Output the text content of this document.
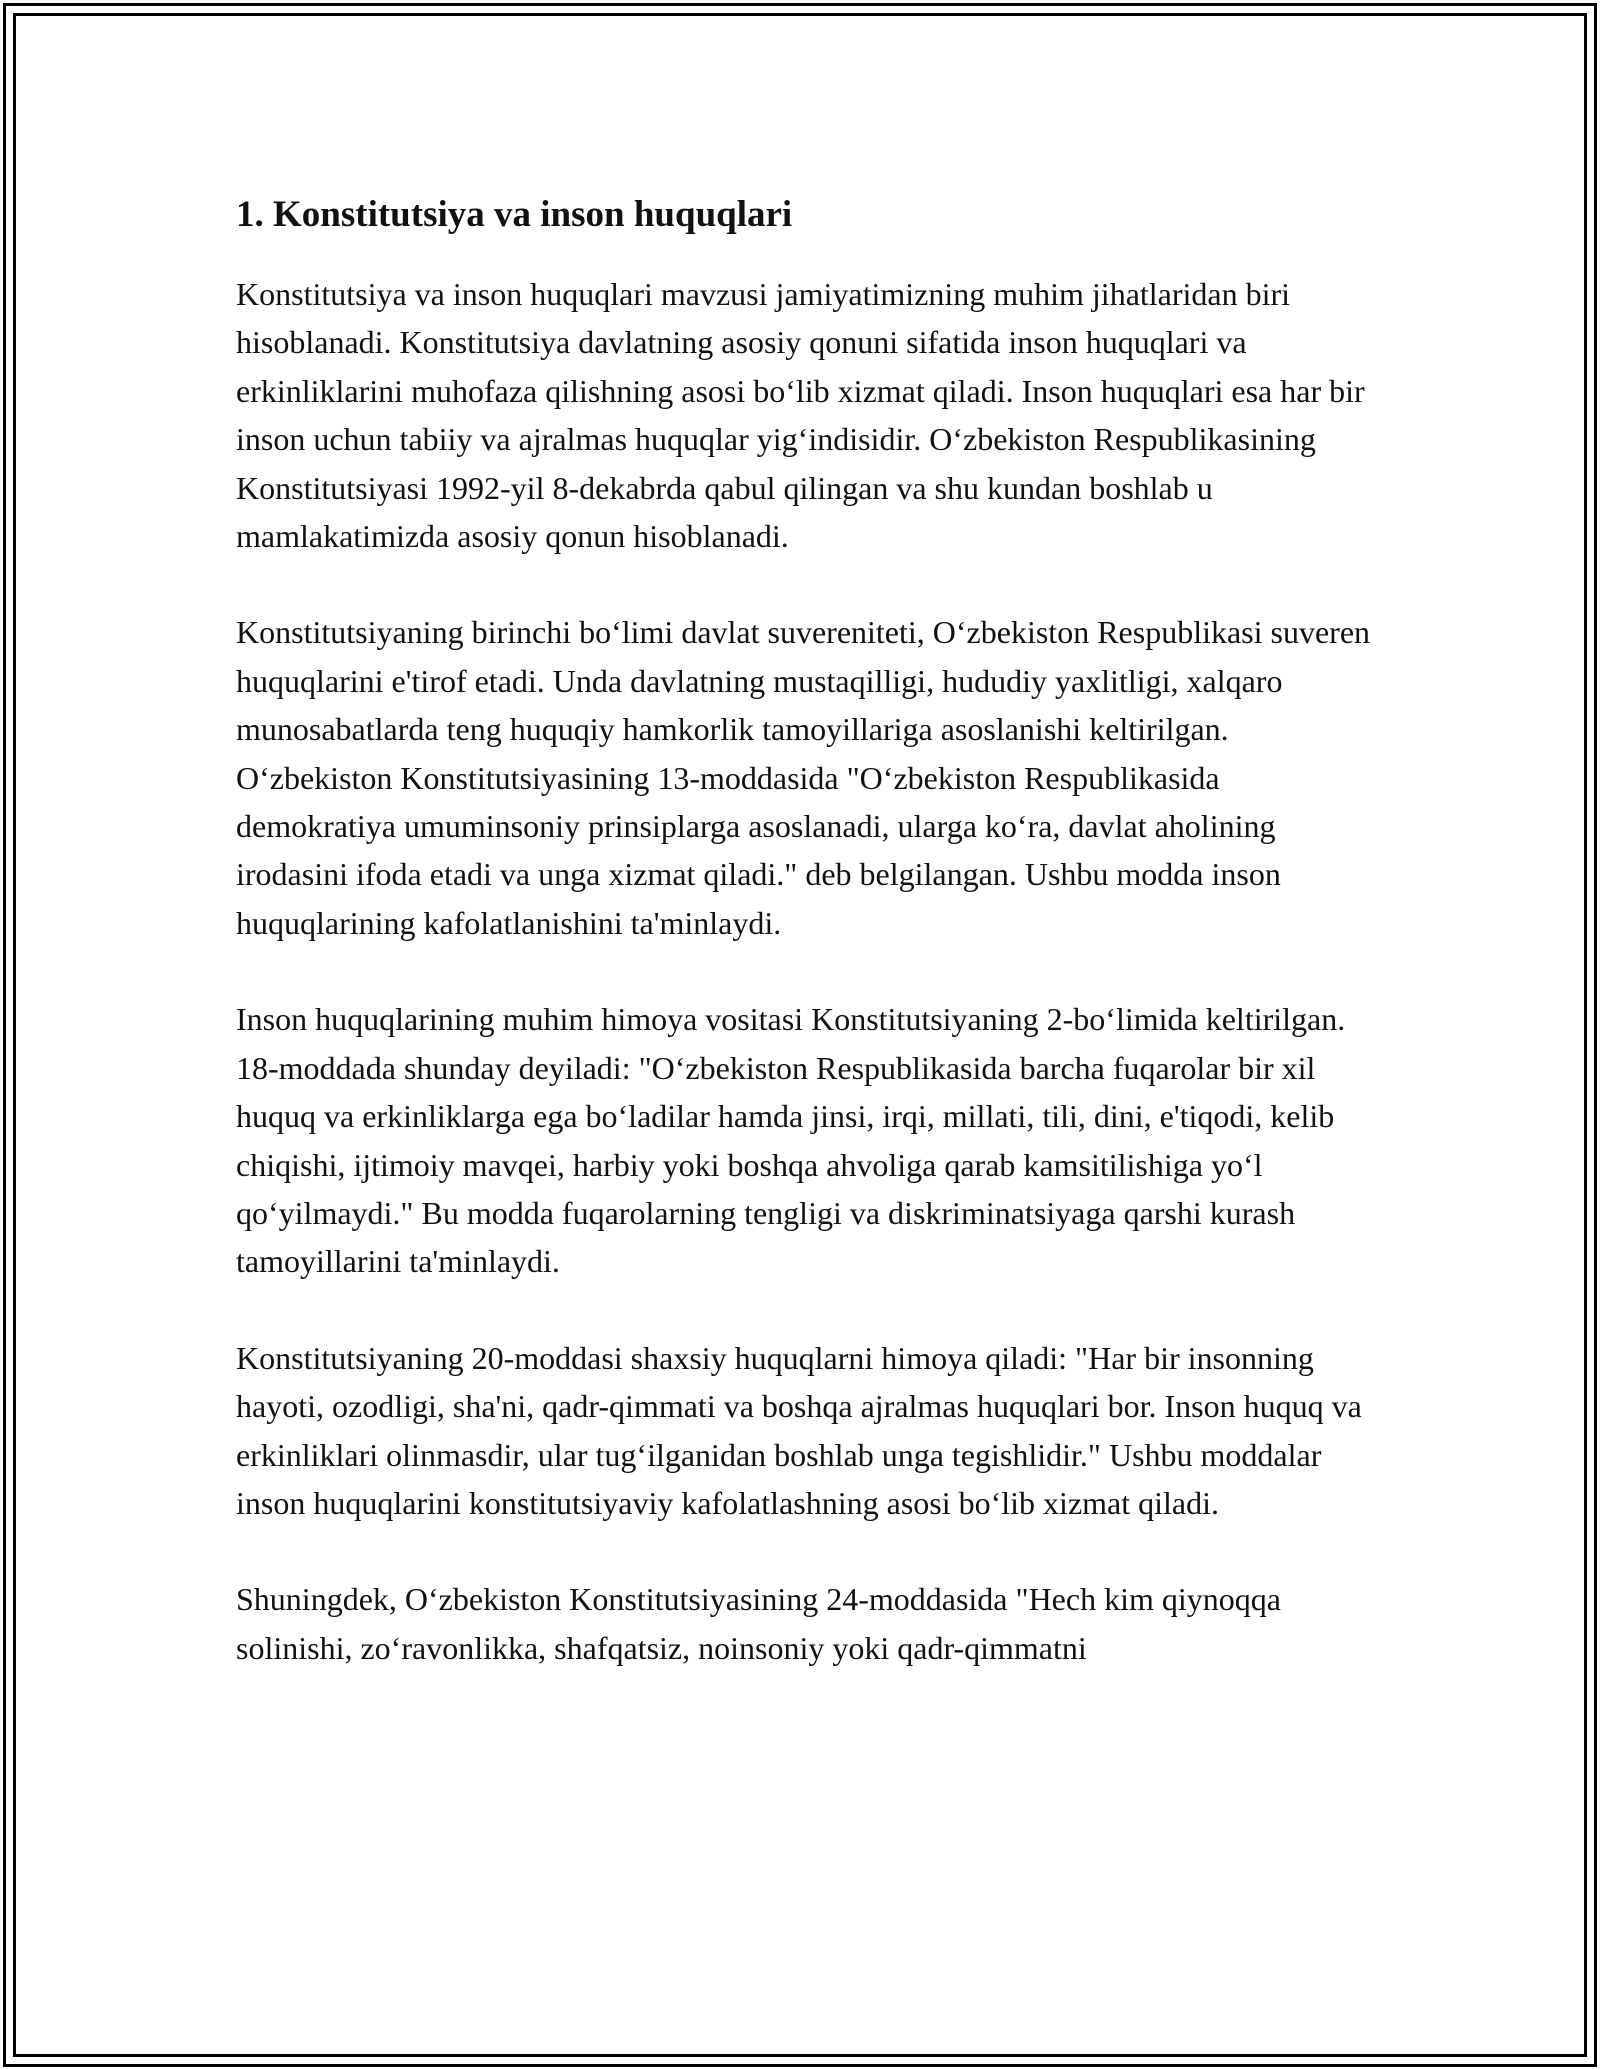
1. Konstitutsiya va inson huquqlari

Konstitutsiya va inson huquqlari mavzusi jamiyatimizning muhim jihatlaridan biri hisoblanadi. Konstitutsiya davlatning asosiy qonuni sifatida inson huquqlari va erkinliklarini muhofaza qilishning asosi bo‘lib xizmat qiladi. Inson huquqlari esa har bir inson uchun tabiiy va ajralmas huquqlar yig‘indisidir. O‘zbekiston Respublikasining Konstitutsiyasi 1992-yil 8-dekabrda qabul qilingan va shu kundan boshlab u mamlakatimizda asosiy qonun hisoblanadi.

Konstitutsiyaning birinchi bo‘limi davlat suvereniteti, O‘zbekiston Respublikasi suveren huquqlarini e'tirof etadi. Unda davlatning mustaqilligi, hududiy yaxlitligi, xalqaro munosabatlarda teng huquqiy hamkorlik tamoyillariga asoslanishi keltirilgan. O‘zbekiston Konstitutsiyasining 13-moddasida "O‘zbekiston Respublikasida demokratiya umuminsoniy prinsiplarga asoslanadi, ularga ko‘ra, davlat aholining irodasini ifoda etadi va unga xizmat qiladi." deb belgilangan. Ushbu modda inson huquqlarining kafolatlanishini ta'minlaydi.

Inson huquqlarining muhim himoya vositasi Konstitutsiyaning 2-bo‘limida keltirilgan. 18-moddada shunday deyiladi: "O‘zbekiston Respublikasida barcha fuqarolar bir xil huquq va erkinliklarga ega bo‘ladilar hamda jinsi, irqi, millati, tili, dini, e'tiqodi, kelib chiqishi, ijtimoiy mavqei, harbiy yoki boshqa ahvoliga qarab kamsitilishiga yo‘l qo‘yilmaydi." Bu modda fuqarolarning tengligi va diskriminatsiyaga qarshi kurash tamoyillarini ta'minlaydi.

Konstitutsiyaning 20-moddasi shaxsiy huquqlarni himoya qiladi: "Har bir insonning hayoti, ozodligi, sha'ni, qadr-qimmati va boshqa ajralmas huquqlari bor. Inson huquq va erkinliklari olinmasdir, ular tug‘ilganidan boshlab unga tegishlidir." Ushbu moddalar inson huquqlarini konstitutsiyaviy kafolatlashning asosi bo‘lib xizmat qiladi.

Shuningdek, O‘zbekiston Konstitutsiyasining 24-moddasida "Hech kim qiynoqqa solinishi, zo‘ravonlikka, shafqatsiz, noinsoniy yoki qadr-qimmatni
